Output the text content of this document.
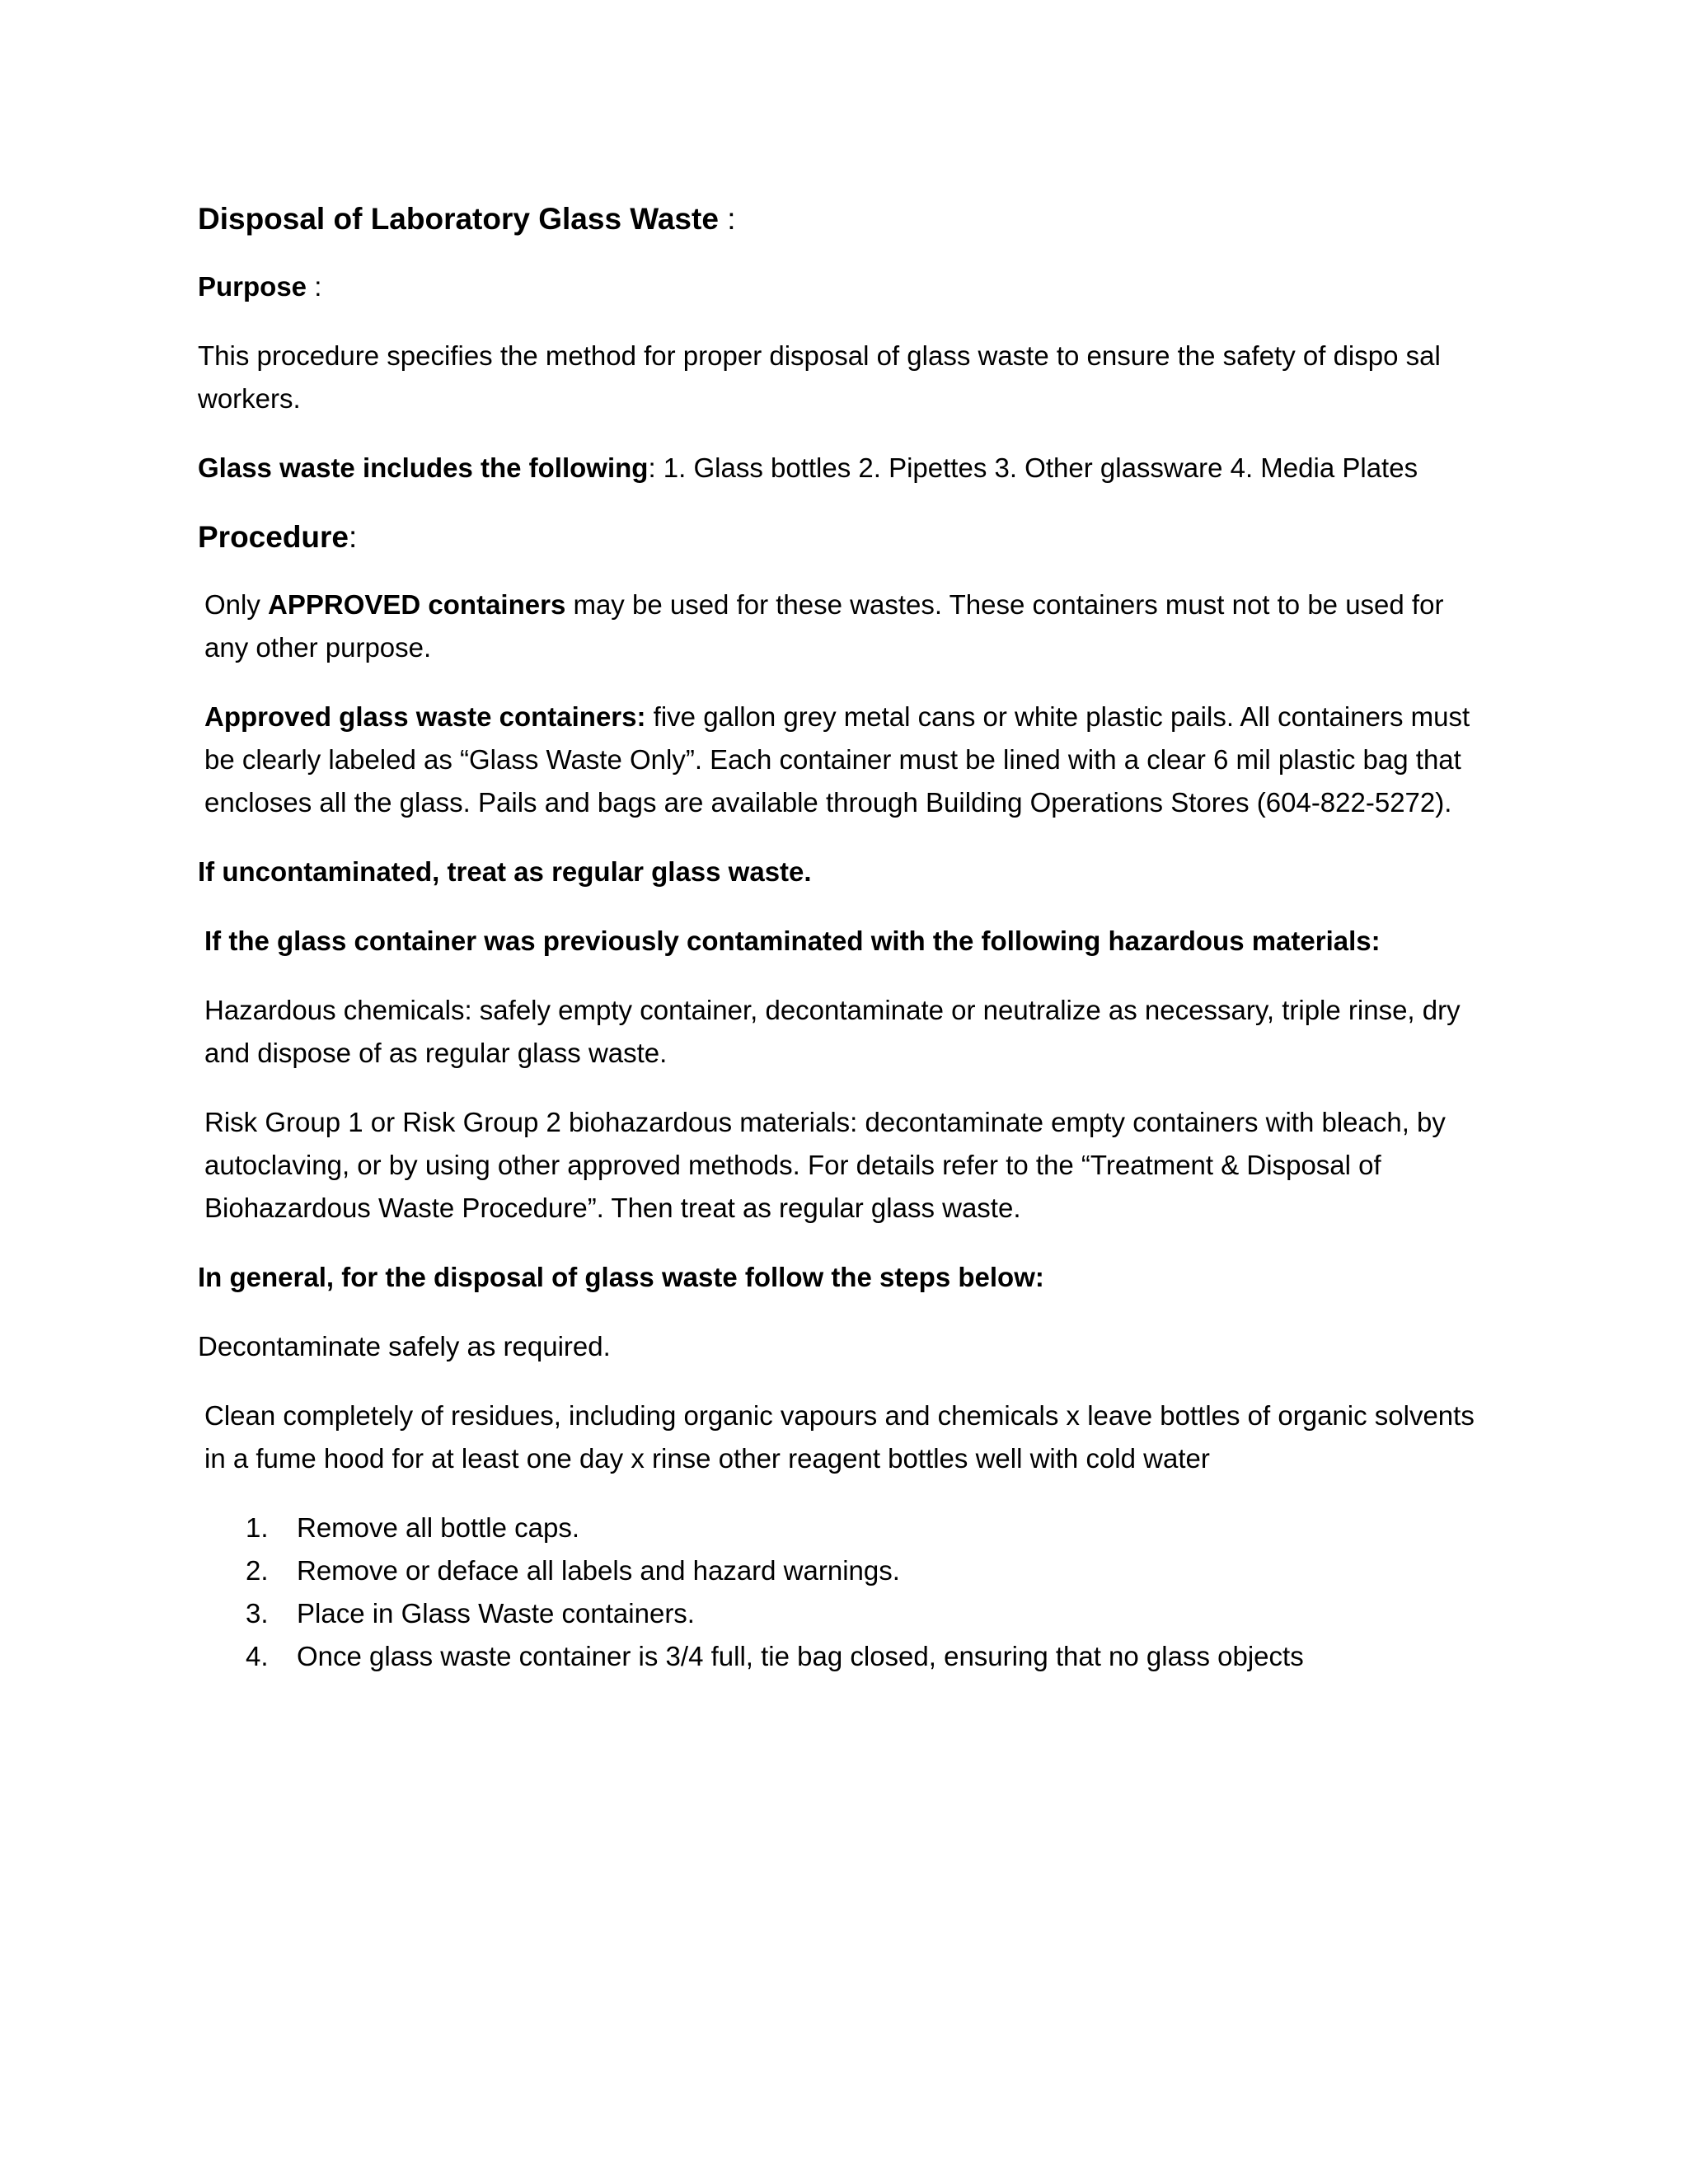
Disposal of Laboratory Glass Waste :

Purpose :

This procedure specifies the method for proper disposal of glass waste to ensure the safety of dispo sal workers.

Glass waste includes the following: 1. Glass bottles 2. Pipettes 3. Other glassware 4. Media Plates

Procedure:

Only APPROVED containers may be used for these wastes. These containers must not to be used for any other purpose.

Approved glass waste containers: five gallon grey metal cans or white plastic pails. All containers must be clearly labeled as “Glass Waste Only”. Each container must be lined with a clear 6 mil plastic bag that encloses all the glass. Pails and bags are available through Building Operations Stores (604-822-5272).

If uncontaminated, treat as regular glass waste.

If the glass container was previously contaminated with the following hazardous materials:

Hazardous chemicals: safely empty container, decontaminate or neutralize as necessary, triple rinse, dry and dispose of as regular glass waste.

Risk Group 1 or Risk Group 2 biohazardous materials: decontaminate empty containers with bleach, by autoclaving, or by using other approved methods. For details refer to the “Treatment & Disposal of Biohazardous Waste Procedure”. Then treat as regular glass waste.

In general, for the disposal of glass waste follow the steps below:

Decontaminate safely as required.

Clean completely of residues, including organic vapours and chemicals x leave bottles of organic solvents in a fume hood for at least one day x rinse other reagent bottles well with cold water

1.	Remove all bottle caps.
2.	Remove or deface all labels and hazard warnings.
3.	Place in Glass Waste containers.
4.	Once glass waste container is 3/4 full, tie bag closed, ensuring that no glass objects
